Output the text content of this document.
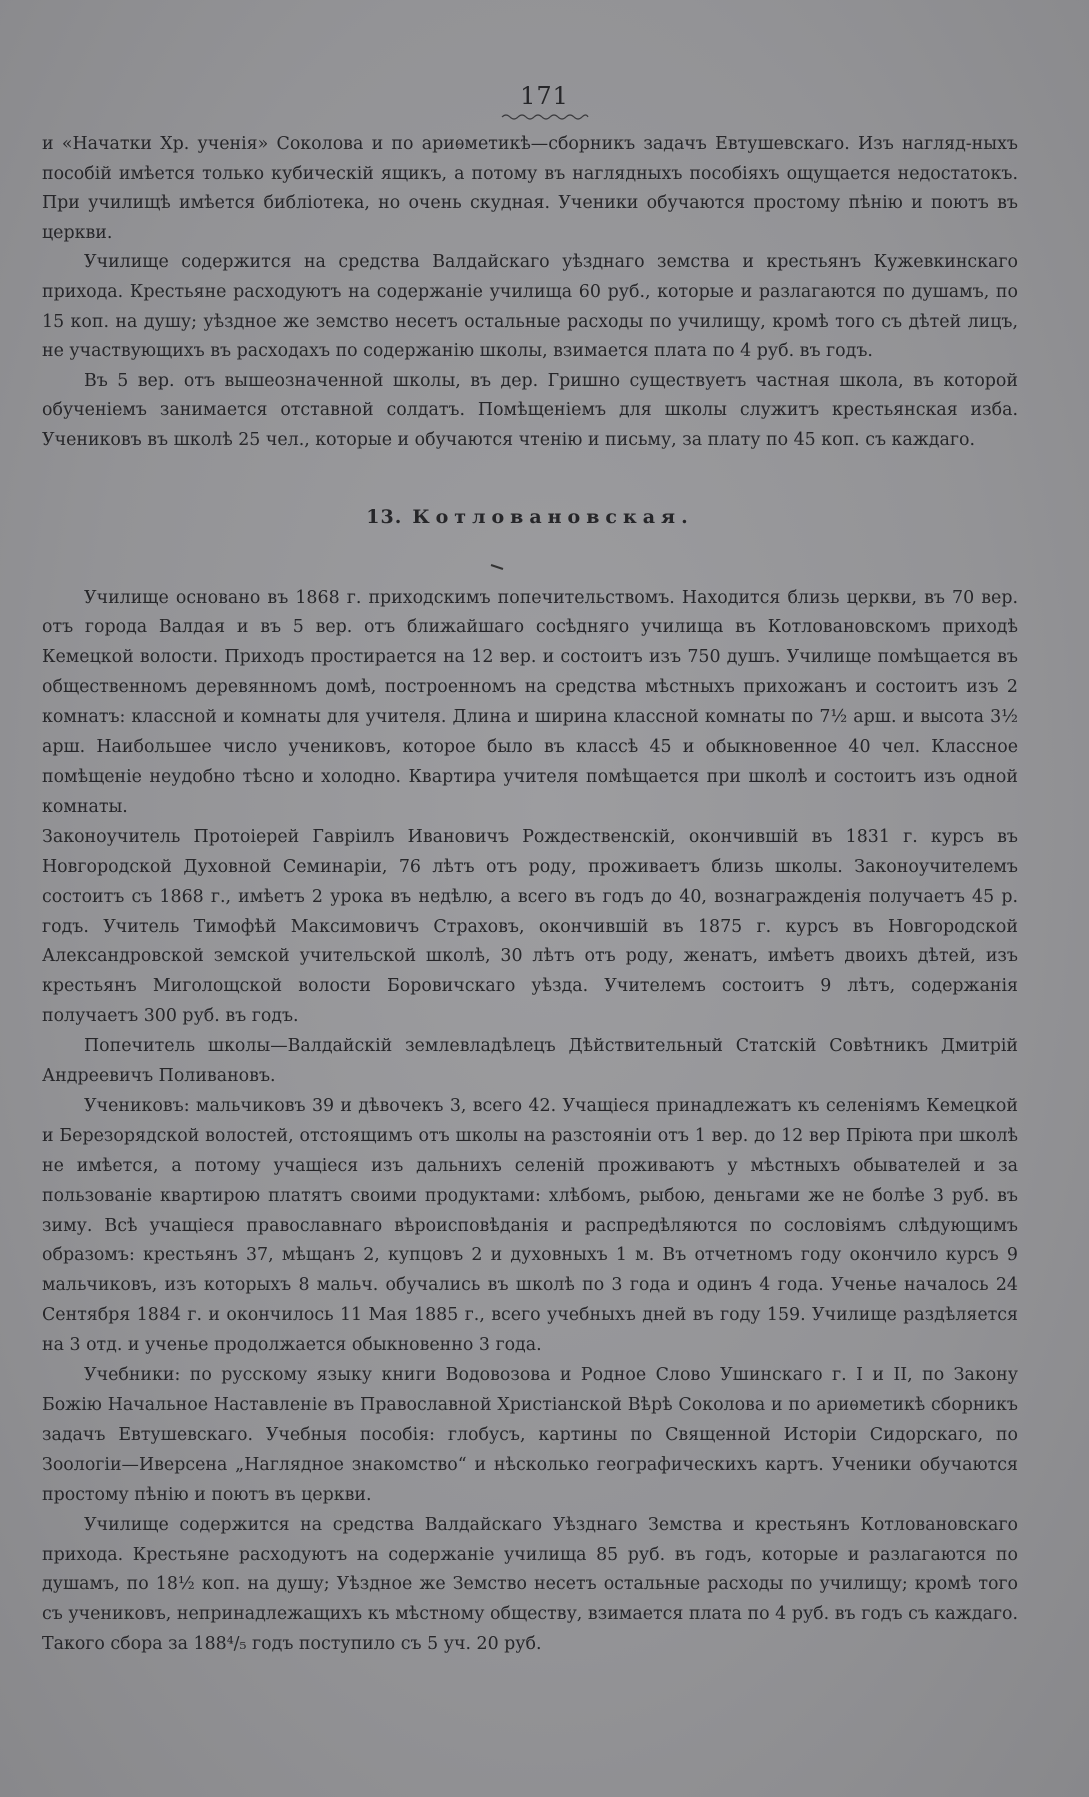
171

и «Начатки Хр. ученія» Соколова и по ариѳметикѣ—сборникъ задачъ Евтушевскаго. Изъ нагляд-ныхъ пособій имѣется только кубическій ящикъ, а потому въ наглядныхъ пособіяхъ ощущается недостатокъ. При училищѣ имѣется библіотека, но очень скудная. Ученики обучаются простому пѣнію и поютъ въ церкви.

Училище содержится на средства Валдайскаго уѣзднаго земства и крестьянъ Кужевкинскаго прихода. Крестьяне расходуютъ на содержаніе училища 60 руб., которые и разлагаются по душамъ, по 15 коп. на душу; уѣздное же земство несетъ остальные расходы по училищу, кромѣ того съ дѣтей лицъ, не участвующихъ въ расходахъ по содержанію школы, взимается плата по 4 руб. въ годъ.

Въ 5 вер. отъ вышеозначенной школы, въ дер. Гришно существуетъ частная школа, въ которой обученіемъ занимается отставной солдатъ. Помѣщеніемъ для школы служитъ крестьянская изба. Учениковъ въ школѣ 25 чел., которые и обучаются чтенію и письму, за плату по 45 коп. съ каждаго.

13. Котловановская.

Училище основано въ 1868 г. приходскимъ попечительствомъ. Находится близь церкви, въ 70 вер. отъ города Валдая и въ 5 вер. отъ ближайшаго сосѣдняго училища въ Котловановскомъ приходѣ Кемецкой волости. Приходъ простирается на 12 вер. и состоитъ изъ 750 душъ. Училище помѣщается въ общественномъ деревянномъ домѣ, построенномъ на средства мѣстныхъ прихожанъ и состоитъ изъ 2 комнатъ: классной и комнаты для учителя. Длина и ширина классной комнаты по 7½ арш. и высота 3½ арш. Наибольшее число учениковъ, которое было въ классѣ 45 и обыкновенное 40 чел. Классное помѣщеніе неудобно тѣсно и холодно. Квартира учителя помѣщается при школѣ и состоитъ изъ одной комнаты.

Законоучитель Протоіерей Гавріилъ Ивановичъ Рождественскій, окончившій въ 1831 г. курсъ въ Новгородской Духовной Семинаріи, 76 лѣтъ отъ роду, проживаетъ близь школы. Законоучителемъ состоитъ съ 1868 г., имѣетъ 2 урока въ недѣлю, а всего въ годъ до 40, вознагражденія получаетъ 45 р. годъ. Учитель Тимофѣй Максимовичъ Страховъ, окончившій въ 1875 г. курсъ въ Новгородской Александровской земской учительской школѣ, 30 лѣтъ отъ роду, женатъ, имѣетъ двоихъ дѣтей, изъ крестьянъ Миголощской волости Боровичскаго уѣзда. Учителемъ состоитъ 9 лѣтъ, содержанія получаетъ 300 руб. въ годъ.

Попечитель школы—Валдайскій землевладѣлецъ Дѣйствительный Статскій Совѣтникъ Дмитрій Андреевичъ Поливановъ.

Учениковъ: мальчиковъ 39 и дѣвочекъ 3, всего 42. Учащіеся принадлежатъ къ селеніямъ Кемецкой и Березорядской волостей, отстоящимъ отъ школы на разстояніи отъ 1 вер. до 12 вер Пріюта при школѣ не имѣется, а потому учащіеся изъ дальнихъ селеній проживаютъ у мѣстныхъ обывателей и за пользованіе квартирою платятъ своими продуктами: хлѣбомъ, рыбою, деньгами же не болѣе 3 руб. въ зиму. Всѣ учащіеся православнаго вѣроисповѣданія и распредѣляются по сословіямъ слѣдующимъ образомъ: крестьянъ 37, мѣщанъ 2, купцовъ 2 и духовныхъ 1 м. Въ отчетномъ году окончило курсъ 9 мальчиковъ, изъ которыхъ 8 мальч. обучались въ школѣ по 3 года и одинъ 4 года. Ученье началось 24 Сентября 1884 г. и окончилось 11 Мая 1885 г., всего учебныхъ дней въ году 159. Училище раздѣляется на 3 отд. и ученье продолжается обыкновенно 3 года.

Учебники: по русскому языку книги Водовозова и Родное Слово Ушинскаго г. I и II, по Закону Божію Начальное Наставленіе въ Православной Христіанской Вѣрѣ Соколова и по ариѳметикѣ сборникъ задачъ Евтушевскаго. Учебныя пособія: глобусъ, картины по Священной Исторіи Сидорскаго, по Зоологіи—Иверсена „Наглядное знакомство“ и нѣсколько географическихъ картъ. Ученики обучаются простому пѣнію и поютъ въ церкви.

Училище содержится на средства Валдайскаго Уѣзднаго Земства и крестьянъ Котловановскаго прихода. Крестьяне расходуютъ на содержаніе училища 85 руб. въ годъ, которые и разлагаются по душамъ, по 18½ коп. на душу; Уѣздное же Земство несетъ остальные расходы по училищу; кромѣ того съ учениковъ, непринадлежащихъ къ мѣстному обществу, взимается плата по 4 руб. въ годъ съ каждаго. Такого сбора за 188⁴/₅ годъ поступило съ 5 уч. 20 руб.
